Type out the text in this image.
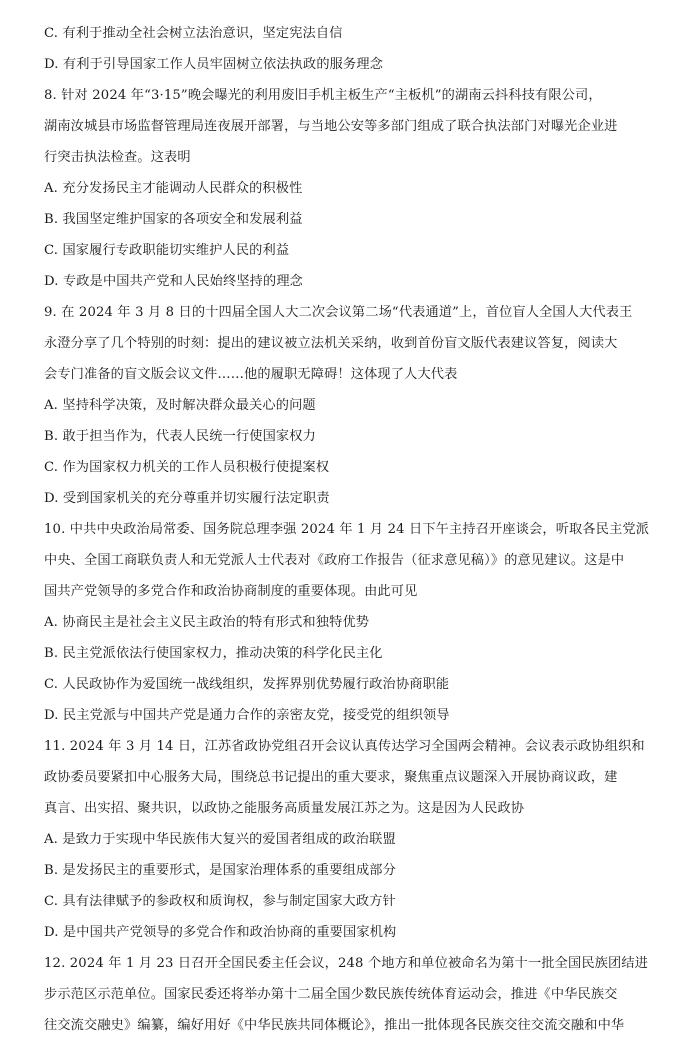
C. 有利于推动全社会树立法治意识，坚定宪法自信
D. 有利于引导国家工作人员牢固树立依法执政的服务理念
8. 针对 2024 年“3·15”晚会曝光的利用废旧手机主板生产“主板机”的湖南云抖科技有限公司，
湖南汝城县市场监督管理局连夜展开部署，与当地公安等多部门组成了联合执法部门对曝光企业进
行突击执法检查。这表明
A. 充分发扬民主才能调动人民群众的积极性
B. 我国坚定维护国家的各项安全和发展利益
C. 国家履行专政职能切实维护人民的利益
D. 专政是中国共产党和人民始终坚持的理念
9. 在 2024 年 3 月 8 日的十四届全国人大二次会议第二场“代表通道”上，首位盲人全国人大代表王
永澄分享了几个特别的时刻：提出的建议被立法机关采纳，收到首份盲文版代表建议答复，阅读大
会专门准备的盲文版会议文件……他的履职无障碍！这体现了人大代表
A. 坚持科学决策，及时解决群众最关心的问题
B. 敢于担当作为，代表人民统一行使国家权力
C. 作为国家权力机关的工作人员积极行使提案权
D. 受到国家机关的充分尊重并切实履行法定职责
10. 中共中央政治局常委、国务院总理李强 2024 年 1 月 24 日下午主持召开座谈会，听取各民主党派
中央、全国工商联负责人和无党派人士代表对《政府工作报告（征求意见稿）》的意见建议。这是中
国共产党领导的多党合作和政治协商制度的重要体现。由此可见
A. 协商民主是社会主义民主政治的特有形式和独特优势
B. 民主党派依法行使国家权力，推动决策的科学化民主化
C. 人民政协作为爱国统一战线组织，发挥界别优势履行政治协商职能
D. 民主党派与中国共产党是通力合作的亲密友党，接受党的组织领导
11. 2024 年 3 月 14 日，江苏省政协党组召开会议认真传达学习全国两会精神。会议表示政协组织和
政协委员要紧扣中心服务大局，围绕总书记提出的重大要求，聚焦重点议题深入开展协商议政，建
真言、出实招、聚共识，以政协之能服务高质量发展江苏之为。这是因为人民政协
A. 是致力于实现中华民族伟大复兴的爱国者组成的政治联盟
B. 是发扬民主的重要形式，是国家治理体系的重要组成部分
C. 具有法律赋予的参政权和质询权，参与制定国家大政方针
D. 是中国共产党领导的多党合作和政治协商的重要国家机构
12. 2024 年 1 月 23 日召开全国民委主任会议，248 个地方和单位被命名为第十一批全国民族团结进
步示范区示范单位。国家民委还将举办第十二届全国少数民族传统体育运动会，推进《中华民族交
往交流交融史》编纂，编好用好《中华民族共同体概论》，推出一批体现各民族交往交流交融和中华
